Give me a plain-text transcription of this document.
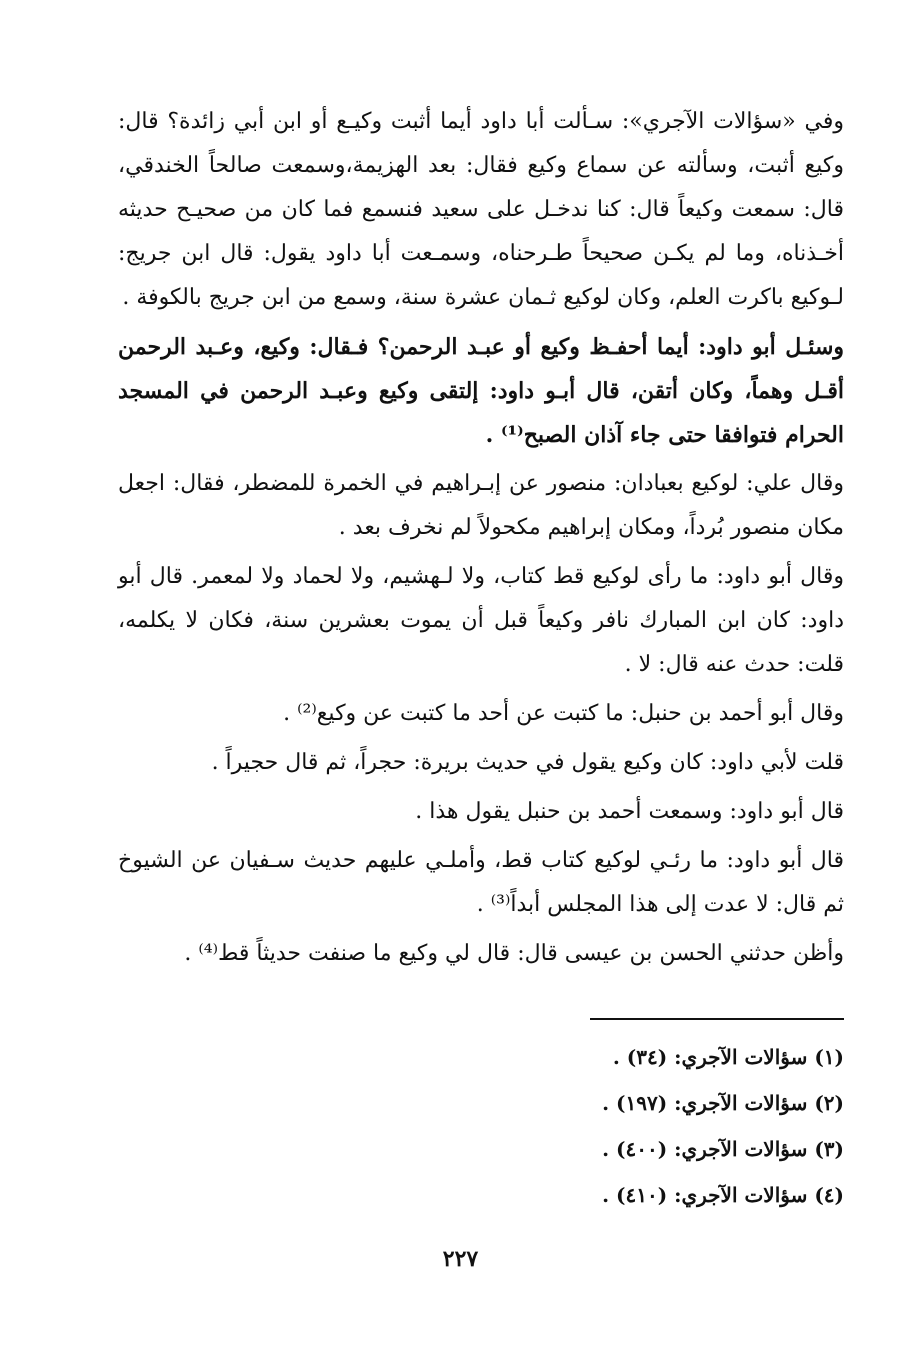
وفي «سؤالات الآجري»: سـألت أبا داود أيما أثبت وكيـع أو ابن أبي زائدة؟ قال: وكيع أثبت، وسألته عن سماع وكيع فقال: بعد الهزيمة،وسمعت صالحاً الخندقي، قال: سمعت وكيعاً قال: كنا ندخـل على سعيد فنسمع فما كان من صحيـح حديثه أخـذناه، وما لم يكـن صحيحاً طـرحناه، وسمـعت أبا داود يقول: قال ابن جريج: لـوكيع باكرت العلم، وكان لوكيع ثـمان عشرة سنة، وسمع من ابن جريج بالكوفة .

وسئـل أبو داود: أيما أحفـظ وكيع أو عبـد الرحمن؟ فـقال: وكيع، وعـبد الرحمن أقـل وهماً، وكان أتقن، قال أبـو داود: إلتقى وكيع وعبـد الرحمن في المسجد الحرام فتوافقا حتى جاء آذان الصبح⁽¹⁾ .

وقال علي: لوكيع بعبادان: منصور عن إبـراهيم في الخمرة للمضطر، فقال: اجعل مكان منصور بُرداً، ومكان إبراهيم مكحولاً لم نخرف بعد .

وقال أبو داود: ما رأى لوكيع قط كتاب، ولا لـهشيم، ولا لحماد ولا لمعمر. قال أبو داود: كان ابن المبارك نافر وكيعاً قبل أن يموت بعشرين سنة، فكان لا يكلمه، قلت: حدث عنه قال: لا .

وقال أبو أحمد بن حنبل: ما كتبت عن أحد ما كتبت عن وكيع⁽²⁾ .

قلت لأبي داود: كان وكيع يقول في حديث بريرة: حجراً، ثم قال حجيراً .

قال أبو داود: وسمعت أحمد بن حنبل يقول هذا .

قال أبو داود: ما رئـي لوكيع كتاب قط، وأملـي عليهم حديث سـفيان عن الشيوخ ثم قال: لا عدت إلى هذا المجلس أبداً⁽³⁾ .

وأظن حدثني الحسن بن عيسى قال: قال لي وكيع ما صنفت حديثاً قط⁽⁴⁾ .

(١) سؤالات الآجري: (٣٤) .

(٢) سؤالات الآجري: (١٩٧) .

(٣) سؤالات الآجري: (٤٠٠) .

(٤) سؤالات الآجري: (٤١٠) .

٢٢٧
